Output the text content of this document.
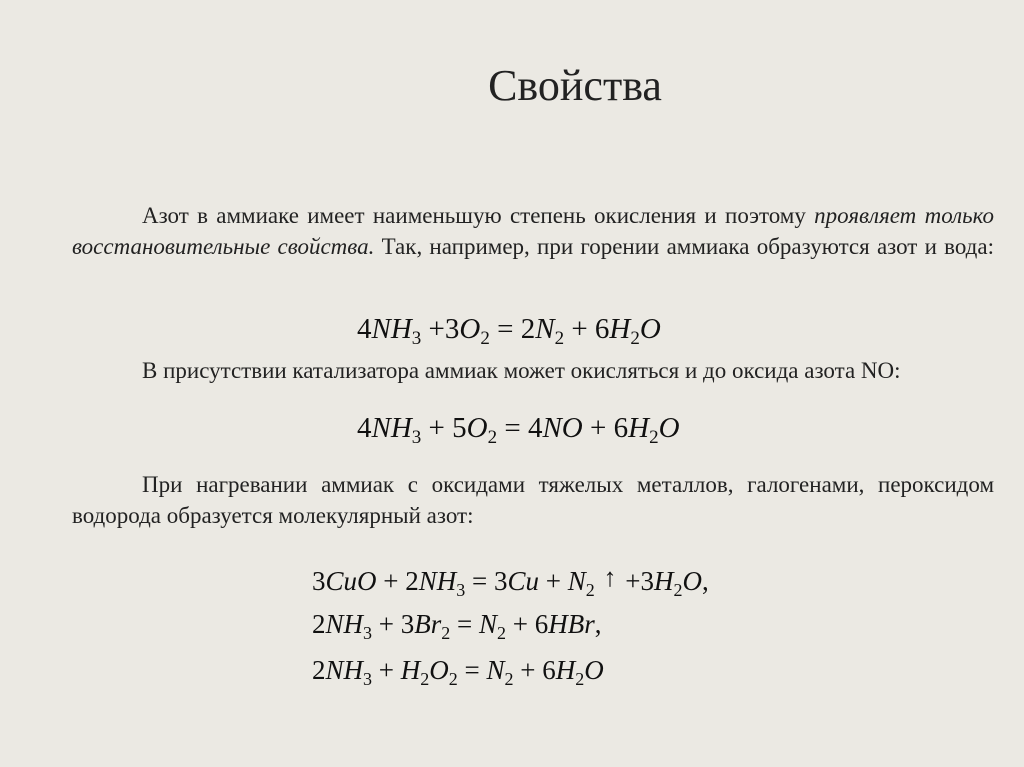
Свойства
Азот в аммиаке имеет наименьшую степень окисления и поэтому проявляет только восстановительные свойства. Так, например, при горении аммиака образуются азот и вода:
$4NH_3 +3O_2 = 2N_2 + 6H_2O$
В присутствии катализатора аммиак может окисляться и до оксида азота NO:
$4NH_3 + 5O_2 = 4NO + 6H_2O$
При нагревании аммиак с оксидами тяжелых металлов, галогенами, пероксидом водорода образуется молекулярный азот:
$3CuO + 2NH_3 = 3Cu + N_2$ ↑ $+3H_2O$,
$2NH_3 + 3Br_2 = N_2 + 6HBr$,
$2NH_3 + H_2O_2 = N_2 + 6H_2O$
